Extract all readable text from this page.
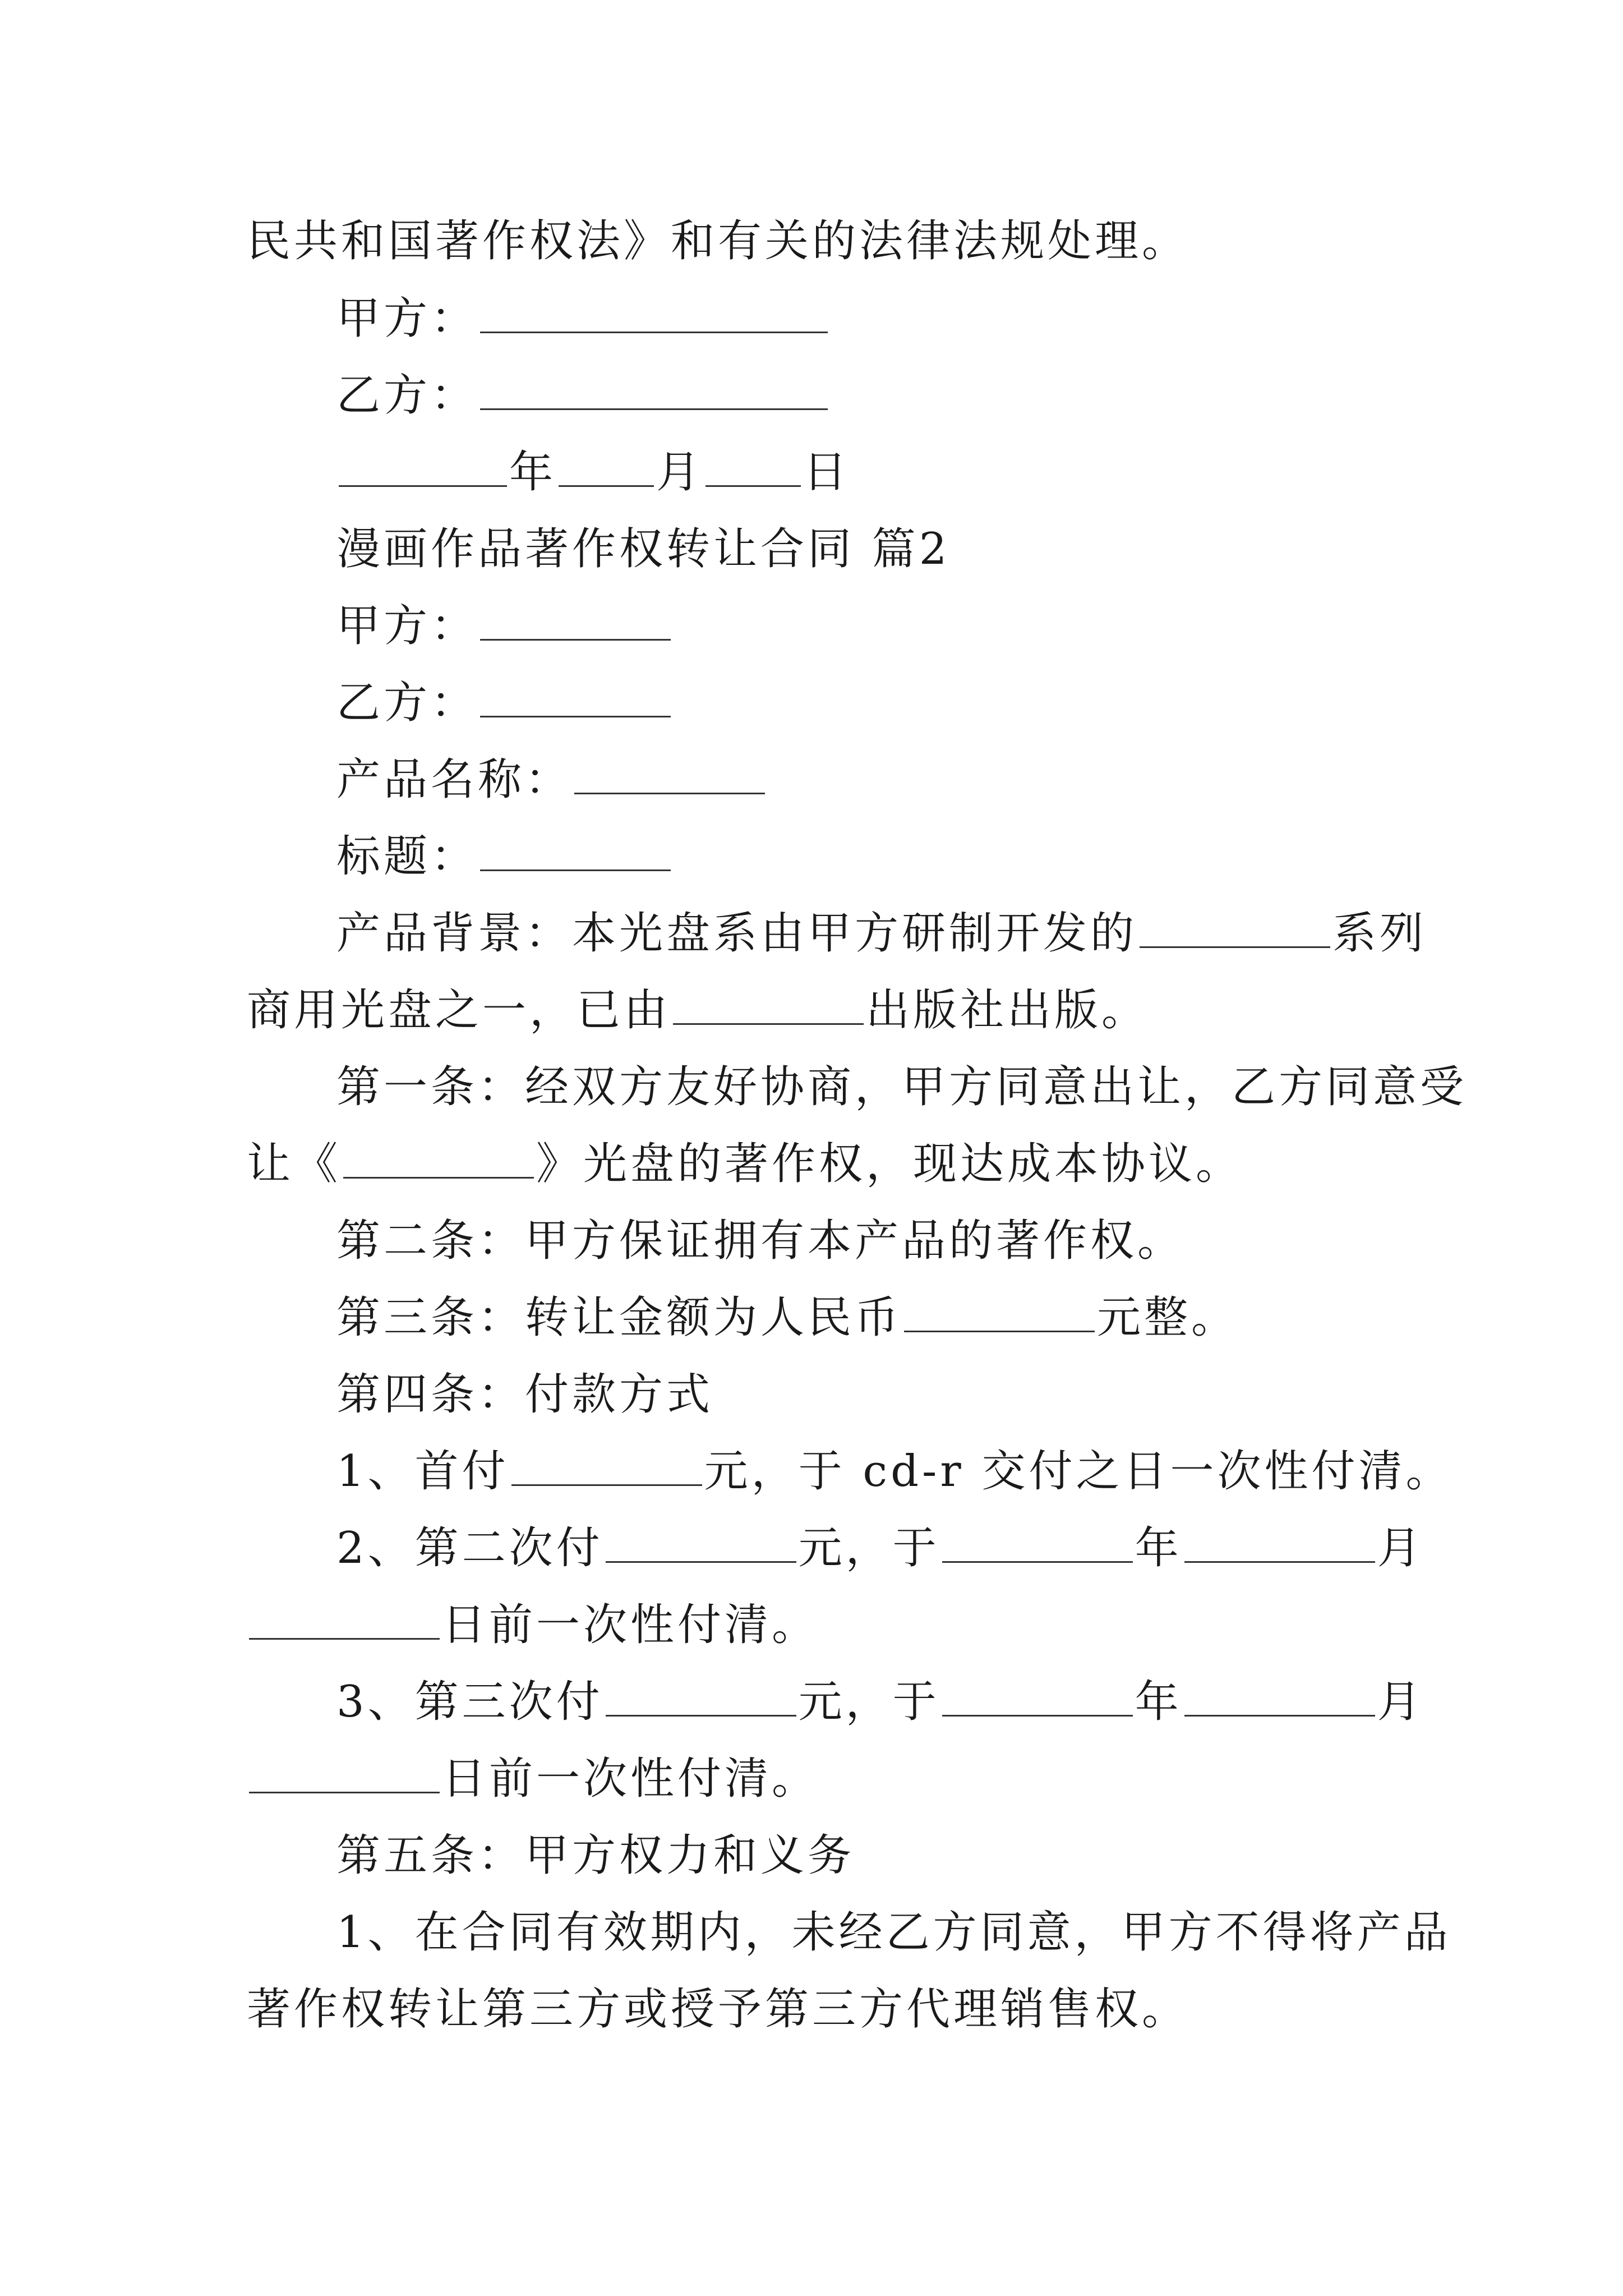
民共和国著作权法》和有关的法律法规处理。
甲方：
乙方：
年 月 日
漫画作品著作权转让合同 篇2
甲方：
乙方：
产品名称：
标题：
产品背景：本光盘系由甲方研制开发的	系列
商用光盘之一，已由	出版社出版。
第一条：经双方友好协商，甲方同意出让，乙方同意受
让《	》光盘的著作权，现达成本协议。
第二条：甲方保证拥有本产品的著作权。
第三条：转让金额为人民币	元整。
第四条：付款方式
1、首付	元，于 cd-r 交付之日一次性付清。
2、第二次付	元，于	年	月
日前一次性付清。
3、第三次付	元，于	年	月
日前一次性付清。
第五条：甲方权力和义务
1、在合同有效期内，未经乙方同意，甲方不得将产品
著作权转让第三方或授予第三方代理销售权。
